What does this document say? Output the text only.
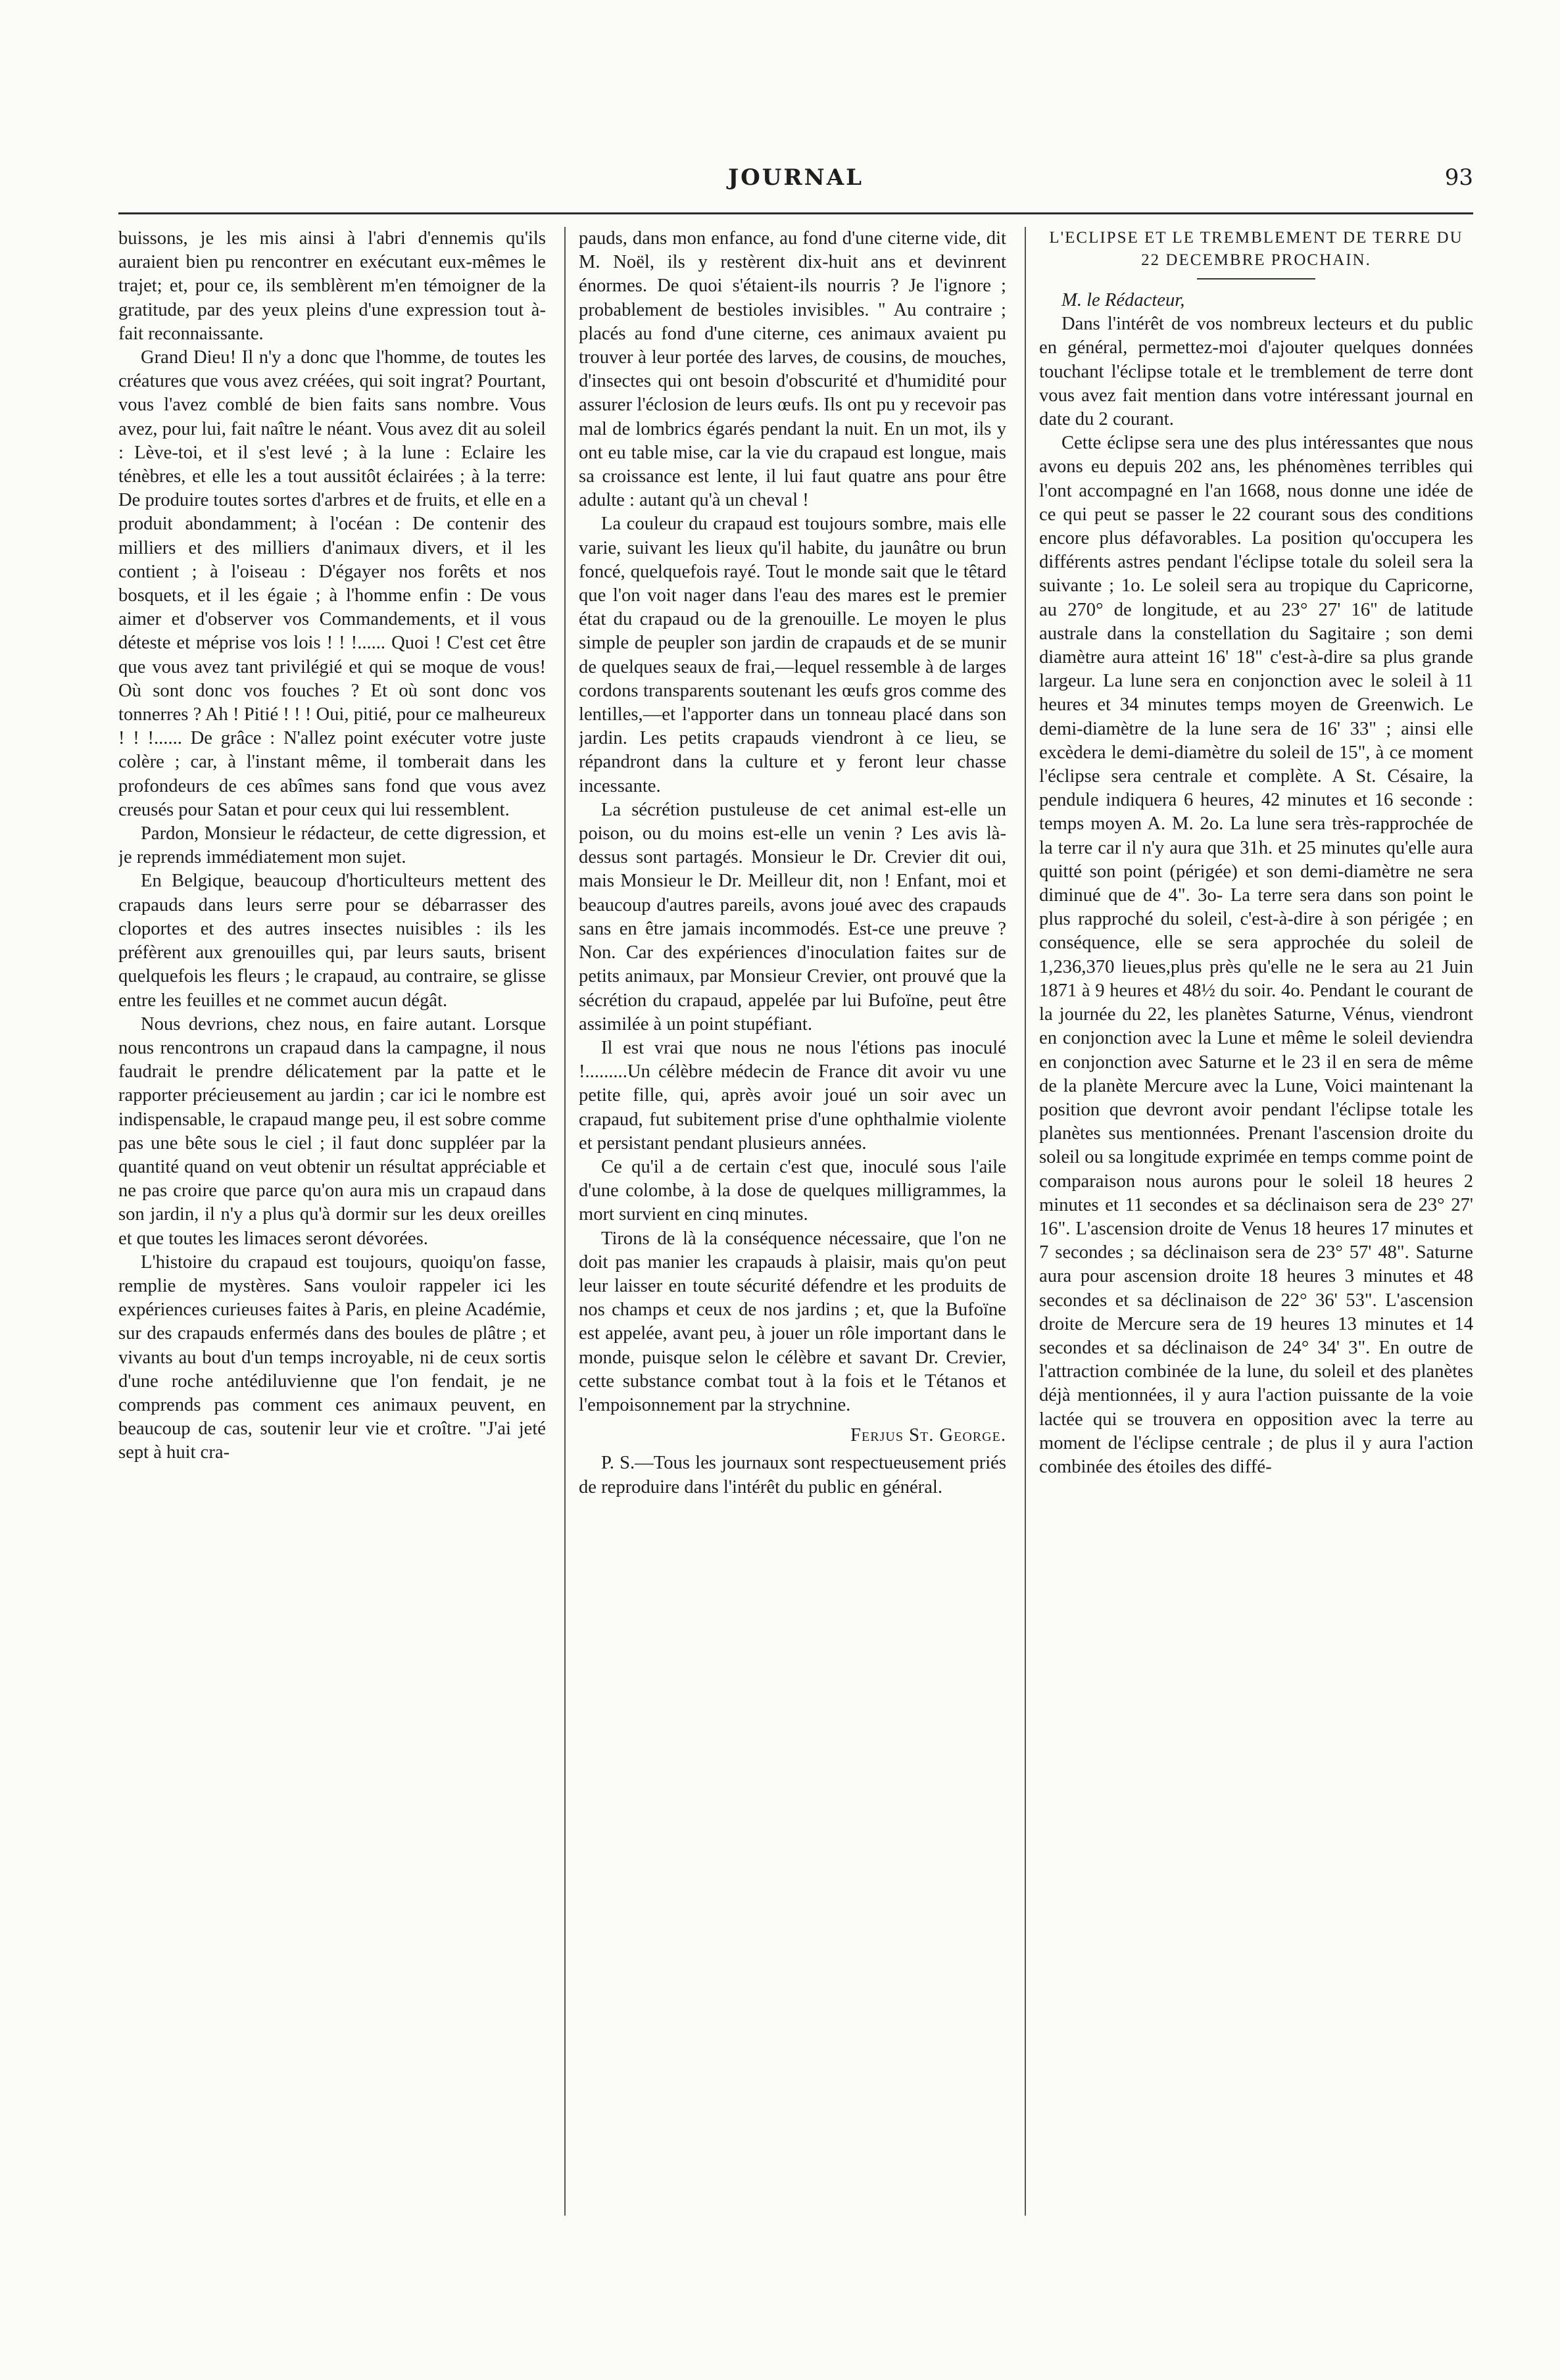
JOURNAL	93

buissons, je les mis ainsi à l'abri d'ennemis qu'ils auraient bien pu rencontrer en exécutant eux-mêmes le trajet; et, pour ce, ils semblèrent m'en témoigner de la gratitude, par des yeux pleins d'une expression tout à-fait reconnaissante.

Grand Dieu! Il n'y a donc que l'homme, de toutes les créatures que vous avez créées, qui soit ingrat? Pourtant, vous l'avez comblé de bien faits sans nombre. Vous avez, pour lui, fait naître le néant. Vous avez dit au soleil : Lève-toi, et il s'est levé ; à la lune : Eclaire les ténèbres, et elle les a tout aussitôt éclairées ; à la terre: De produire toutes sortes d'arbres et de fruits, et elle en a produit abondamment; à l'océan : De contenir des milliers et des milliers d'animaux divers, et il les contient ; à l'oiseau : D'égayer nos forêts et nos bosquets, et il les égaie ; à l'homme enfin : De vous aimer et d'observer vos Commandements, et il vous déteste et méprise vos lois ! ! !...... Quoi ! C'est cet être que vous avez tant privilégié et qui se moque de vous! Où sont donc vos fouches ? Et où sont donc vos tonnerres ? Ah ! Pitié ! ! ! Oui, pitié, pour ce malheureux ! ! !...... De grâce : N'allez point exécuter votre juste colère ; car, à l'instant même, il tomberait dans les profondeurs de ces abîmes sans fond que vous avez creusés pour Satan et pour ceux qui lui ressemblent.

Pardon, Monsieur le rédacteur, de cette digression, et je reprends immédiatement mon sujet.

En Belgique, beaucoup d'horticulteurs mettent des crapauds dans leurs serre pour se débarrasser des cloportes et des autres insectes nuisibles : ils les préfèrent aux grenouilles qui, par leurs sauts, brisent quelquefois les fleurs ; le crapaud, au contraire, se glisse entre les feuilles et ne commet aucun dégât.

Nous devrions, chez nous, en faire autant. Lorsque nous rencontrons un crapaud dans la campagne, il nous faudrait le prendre délicatement par la patte et le rapporter précieusement au jardin ; car ici le nombre est indispensable, le crapaud mange peu, il est sobre comme pas une bête sous le ciel ; il faut donc suppléer par la quantité quand on veut obtenir un résultat appréciable et ne pas croire que parce qu'on aura mis un crapaud dans son jardin, il n'y a plus qu'à dormir sur les deux oreilles et que toutes les limaces seront dévorées.

L'histoire du crapaud est toujours, quoiqu'on fasse, remplie de mystères. Sans vouloir rappeler ici les expériences curieuses faites à Paris, en pleine Académie, sur des crapauds enfermés dans des boules de plâtre ; et vivants au bout d'un temps incroyable, ni de ceux sortis d'une roche antédiluvienne que l'on fendait, je ne comprends pas comment ces animaux peuvent, en beaucoup de cas, soutenir leur vie et croître. "J'ai jeté sept à huit cra-

pauds, dans mon enfance, au fond d'une citerne vide, dit M. Noël, ils y restèrent dix-huit ans et devinrent énormes. De quoi s'étaient-ils nourris ? Je l'ignore ; probablement de bestioles invisibles. " Au contraire ; placés au fond d'une citerne, ces animaux avaient pu trouver à leur portée des larves, de cousins, de mouches, d'insectes qui ont besoin d'obscurité et d'humidité pour assurer l'éclosion de leurs œufs. Ils ont pu y recevoir pas mal de lombrics égarés pendant la nuit. En un mot, ils y ont eu table mise, car la vie du crapaud est longue, mais sa croissance est lente, il lui faut quatre ans pour être adulte : autant qu'à un cheval !

La couleur du crapaud est toujours sombre, mais elle varie, suivant les lieux qu'il habite, du jaunâtre ou brun foncé, quelquefois rayé. Tout le monde sait que le têtard que l'on voit nager dans l'eau des mares est le premier état du crapaud ou de la grenouille. Le moyen le plus simple de peupler son jardin de crapauds et de se munir de quelques seaux de frai,—lequel ressemble à de larges cordons transparents soutenant les œufs gros comme des lentilles,—et l'apporter dans un tonneau placé dans son jardin. Les petits crapauds viendront à ce lieu, se répandront dans la culture et y feront leur chasse incessante.

La sécrétion pustuleuse de cet animal est-elle un poison, ou du moins est-elle un venin ? Les avis là-dessus sont partagés. Monsieur le Dr. Crevier dit oui, mais Monsieur le Dr. Meilleur dit, non ! Enfant, moi et beaucoup d'autres pareils, avons joué avec des crapauds sans en être jamais incommodés. Est-ce une preuve ? Non. Car des expériences d'inoculation faites sur de petits animaux, par Monsieur Crevier, ont prouvé que la sécrétion du crapaud, appelée par lui Bufoïne, peut être assimilée à un point stupéfiant.

Il est vrai que nous ne nous l'étions pas inoculé !.........Un célèbre médecin de France dit avoir vu une petite fille, qui, après avoir joué un soir avec un crapaud, fut subitement prise d'une ophthalmie violente et persistant pendant plusieurs années.

Ce qu'il a de certain c'est que, inoculé sous l'aile d'une colombe, à la dose de quelques milligrammes, la mort survient en cinq minutes.

Tirons de là la conséquence nécessaire, que l'on ne doit pas manier les crapauds à plaisir, mais qu'on peut leur laisser en toute sécurité défendre et les produits de nos champs et ceux de nos jardins ; et, que la Bufoïne est appelée, avant peu, à jouer un rôle important dans le monde, puisque selon le célèbre et savant Dr. Crevier, cette substance combat tout à la fois et le Tétanos et l'empoisonnement par la strychnine.

Ferjus St. George.

P. S.—Tous les journaux sont respectueusement priés de reproduire dans l'intérêt du public en général.

L'ECLIPSE ET LE TREMBLEMENT DE TERRE DU 22 DECEMBRE PROCHAIN.

M. le Rédacteur,

Dans l'intérêt de vos nombreux lecteurs et du public en général, permettez-moi d'ajouter quelques données touchant l'éclipse totale et le tremblement de terre dont vous avez fait mention dans votre intéressant journal en date du 2 courant.

Cette éclipse sera une des plus intéressantes que nous avons eu depuis 202 ans, les phénomènes terribles qui l'ont accompagné en l'an 1668, nous donne une idée de ce qui peut se passer le 22 courant sous des conditions encore plus défavorables. La position qu'occupera les différents astres pendant l'éclipse totale du soleil sera la suivante ; 1o. Le soleil sera au tropique du Capricorne, au 270° de longitude, et au 23° 27' 16" de latitude australe dans la constellation du Sagitaire ; son demi diamètre aura atteint 16' 18" c'est-à-dire sa plus grande largeur. La lune sera en conjonction avec le soleil à 11 heures et 34 minutes temps moyen de Greenwich. Le demi-diamètre de la lune sera de 16' 33" ; ainsi elle excèdera le demi-diamètre du soleil de 15", à ce moment l'éclipse sera centrale et complète. A St. Césaire, la pendule indiquera 6 heures, 42 minutes et 16 seconde : temps moyen A. M. 2o. La lune sera très-rapprochée de la terre car il n'y aura que 31h. et 25 minutes qu'elle aura quitté son point (périgée) et son demi-diamètre ne sera diminué que de 4". 3o- La terre sera dans son point le plus rapproché du soleil, c'est-à-dire à son périgée ; en conséquence, elle se sera approchée du soleil de 1,236,370 lieues,plus près qu'elle ne le sera au 21 Juin 1871 à 9 heures et 48½ du soir. 4o. Pendant le courant de la journée du 22, les planètes Saturne, Vénus, viendront en conjonction avec la Lune et même le soleil deviendra en conjonction avec Saturne et le 23 il en sera de même de la planète Mercure avec la Lune, Voici maintenant la position que devront avoir pendant l'éclipse totale les planètes sus mentionnées. Prenant l'ascension droite du soleil ou sa longitude exprimée en temps comme point de comparaison nous aurons pour le soleil 18 heures 2 minutes et 11 secondes et sa déclinaison sera de 23° 27' 16". L'ascension droite de Venus 18 heures 17 minutes et 7 secondes ; sa déclinaison sera de 23° 57' 48". Saturne aura pour ascension droite 18 heures 3 minutes et 48 secondes et sa déclinaison de 22° 36' 53". L'ascension droite de Mercure sera de 19 heures 13 minutes et 14 secondes et sa déclinaison de 24° 34' 3". En outre de l'attraction combinée de la lune, du soleil et des planètes déjà mentionnées, il y aura l'action puissante de la voie lactée qui se trouvera en opposition avec la terre au moment de l'éclipse centrale ; de plus il y aura l'action combinée des étoiles des diffé-
